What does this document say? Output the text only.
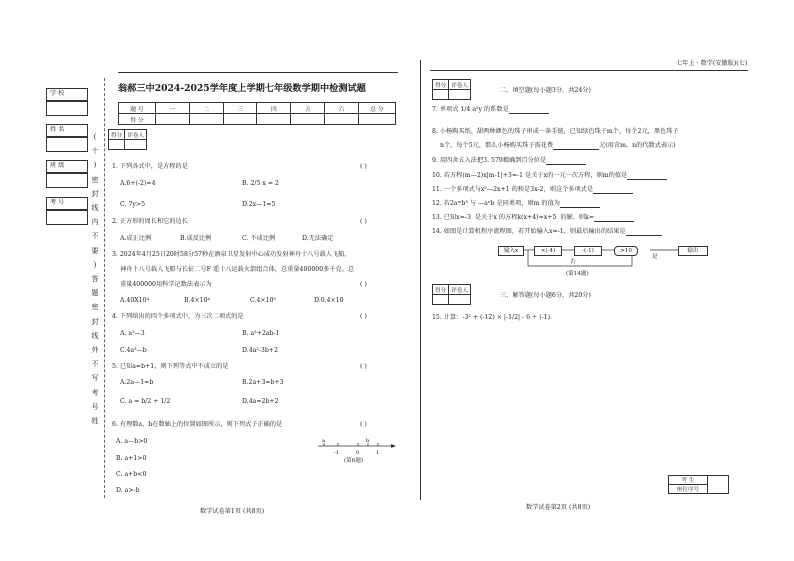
学 校
姓 名
班 级
考 号
(
十
)
密
封
线
内
不
要
)
答
题
密
封
线
外
不
写
考
号
姓
翁郝三中2024-2025学年度上学期七年级数学期中检测试题
题 号	一	二	三	四	五	六	总 分
得 分							
得分	评卷人

1. 下列各式中，是方程的是	( )
A.6+(-2)=4	B. 2/5 x = 2
C. 7y>5	D.2x—1=5
2. 正方形的周长和它的边长	( )
A.成正比例	B.成反比例	C. 不成比例	D.无法确定
3. 2024年4月25日20时58分57秒在酒泉卫星发射中心成功发射神舟十八号载人飞船，
神舟十八号载人飞船与长征二号F 遥十八运载火箭组合体，总重量400000多千克。总
重量400000用科学记数法表示为	( )
A.40X10⁴	B.4×10⁴	C.4×10⁵	D.0.4×10
4. 下列给出的四个多项式中，为三次二项式的是	( )
A. a²—3	B. a³+2ab-1
C.4a³—b	D.4a²-3b+2
5. 已知a=b+1，则下列等式中不成立的是	( )
A.2a—1=b	B.2a+3=b+3
C. a = b/2 + 1/2	D.4a=2b+2
6. 有理数a、b在数轴上的位置如图所示，则下列式子正确的是	( )
A. a—b>0
B. a+1>0
C. a+b<0
D. a>-b
a
-1	0
b
1
(第6题)
数学试卷第1页 (共8页)
七年上 · 数学(安徽版)(七)
得分	评卷人

二、填空题(每小题3分，共24分)
7. 单项式 1/4 a²y 的系数是
8. 小杨购买纸、甜两种颜色的珠子串成一条手链，已知绿色珠子m个，每个2元，黑色珠子
n个，每个5元，那么小杨购买珠子需花费	元(用含m，n的代数式表示)
9. 用四舍五入法把3. 579精确到百分位是
10. 若方程(m—2)x|m-1|+3=-1 是关于x的一元一次方程，则m的值是
11. 一个多项式与x²—2x+1 的和是3x-2，则这个多项式是
12. 若2aᵐb³ 与 —aⁿb 是同类项，则m 的值为
13. 已知x=-3 是关于x 的方程k(x+4)=x+5 的解，则k=
14. 如图是计算机程序流程图，若开始输入x=-1，则最后输出的结果是
输入x	×(-4)	-(-1)	>10	输出
是
否
(第14题)
得分	评卷人

三、解答题(每小题6分，共20分)
15. 计算：-3² + (-12) × |-1/2| - 6 ÷ (-1).
考 生	
座位序号
数学试卷第2页 (共8页)
